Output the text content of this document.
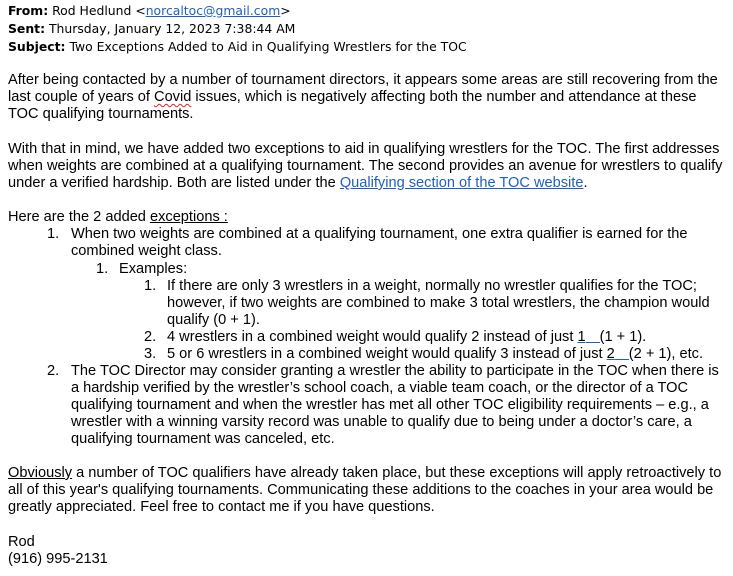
From: Rod Hedlund <norcaltoc@gmail.com>
Sent: Thursday, January 12, 2023 7:38:44 AM
Subject: Two Exceptions Added to Aid in Qualifying Wrestlers for the TOC
After being contacted by a number of tournament directors, it appears some areas are still recovering from the
last couple of years of Covid issues, which is negatively affecting both the number and attendance at these
TOC qualifying tournaments.
With that in mind, we have added two exceptions to aid in qualifying wrestlers for the TOC. The first addresses
when weights are combined at a qualifying tournament. The second provides an avenue for wrestlers to qualify
under a verified hardship. Both are listed under the Qualifying section of the TOC website.
Here are the 2 added exceptions :
1. When two weights are combined at a qualifying tournament, one extra qualifier is earned for the
combined weight class.
1. Examples:
1. If there are only 3 wrestlers in a weight, normally no wrestler qualifies for the TOC;
however, if two weights are combined to make 3 total wrestlers, the champion would
qualify (0 + 1).
2. 4 wrestlers in a combined weight would qualify 2 instead of just 1 (1 + 1).
3. 5 or 6 wrestlers in a combined weight would qualify 3 instead of just 2 (2 + 1), etc.
2. The TOC Director may consider granting a wrestler the ability to participate in the TOC when there is
a hardship verified by the wrestler’s school coach, a viable team coach, or the director of a TOC
qualifying tournament and when the wrestler has met all other TOC eligibility requirements – e.g., a
wrestler with a winning varsity record was unable to qualify due to being under a doctor’s care, a
qualifying tournament was canceled, etc.
Obviously a number of TOC qualifiers have already taken place, but these exceptions will apply retroactively to
all of this year's qualifying tournaments. Communicating these additions to the coaches in your area would be
greatly appreciated. Feel free to contact me if you have questions.
Rod
(916) 995-2131
